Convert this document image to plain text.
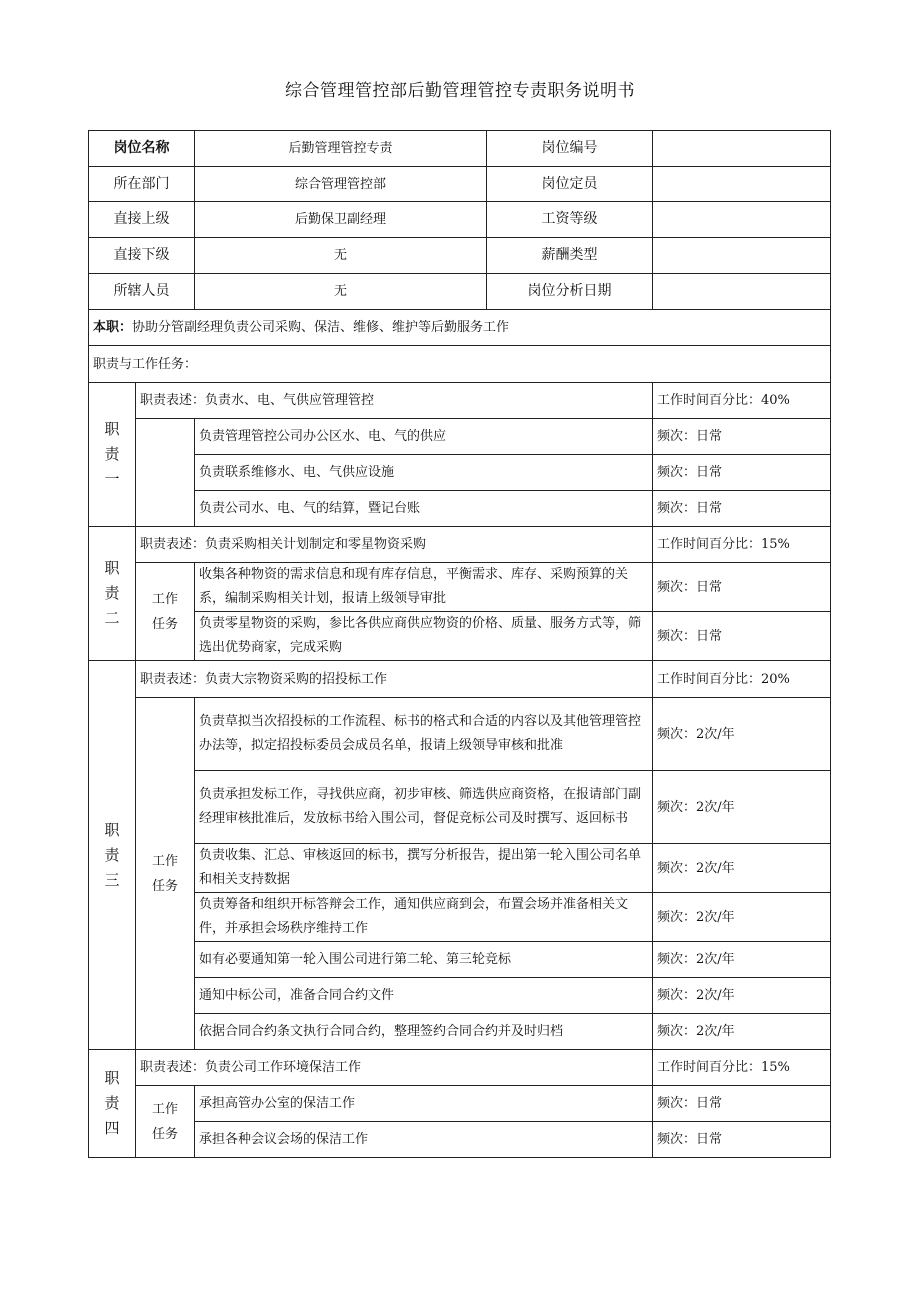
综合管理管控部后勤管理管控专责职务说明书
岗位名称		后勤管理管控专责	岗位编号	
所在部门		综合管理管控部	岗位定员	
直接上级		后勤保卫副经理	工资等级	
直接下级		无	薪酬类型	
所辖人员		无	岗位分析日期	
本职：协助分管副经理负责公司采购、保洁、维修、维护等后勤服务工作				
职责与工作任务：				

职
责
一	职责表述：负责水、电、气供应管理管控			工作时间百分比：40%
		负责管理管控公司办公区水、电、气的供应		频次：日常
		负责联系维修水、电、气供应设施		频次：日常
		负责公司水、电、气的结算，暨记台账		频次：日常

职
责
二	职责表述：负责采购相关计划制定和零星物资采购			工作时间百分比：15%
	工作
任务	收集各种物资的需求信息和现有库存信息，平衡需求、库存、采购预算的关系，编制采购相关计划，报请上级领导审批		频次：日常
		负责零星物资的采购，参比各供应商供应物资的价格、质量、服务方式等，筛选出优势商家，完成采购		频次：日常

职
责
三	职责表述：负责大宗物资采购的招投标工作			工作时间百分比：20%
	工作
任务	负责草拟当次招投标的工作流程、标书的格式和合适的内容以及其他管理管控办法等，拟定招投标委员会成员名单，报请上级领导审核和批准		频次：2次/年
		负责承担发标工作，寻找供应商，初步审核、筛选供应商资格，在报请部门副经理审核批准后，发放标书给入围公司，督促竞标公司及时撰写、返回标书		频次：2次/年
		负责收集、汇总、审核返回的标书，撰写分析报告，提出第一轮入围公司名单和相关支持数据		频次：2次/年
		负责筹备和组织开标答辩会工作，通知供应商到会，布置会场并准备相关文件，并承担会场秩序维持工作		频次：2次/年
		如有必要通知第一轮入围公司进行第二轮、第三轮竞标		频次：2次/年
		通知中标公司，准备合同合约文件		频次：2次/年
		依据合同合约条文执行合同合约，整理签约合同合约并及时归档		频次：2次/年

职
责
四	职责表述：负责公司工作环境保洁工作			工作时间百分比：15%
	工作
任务	承担高管办公室的保洁工作		频次：日常
		承担各种会议会场的保洁工作		频次：日常
